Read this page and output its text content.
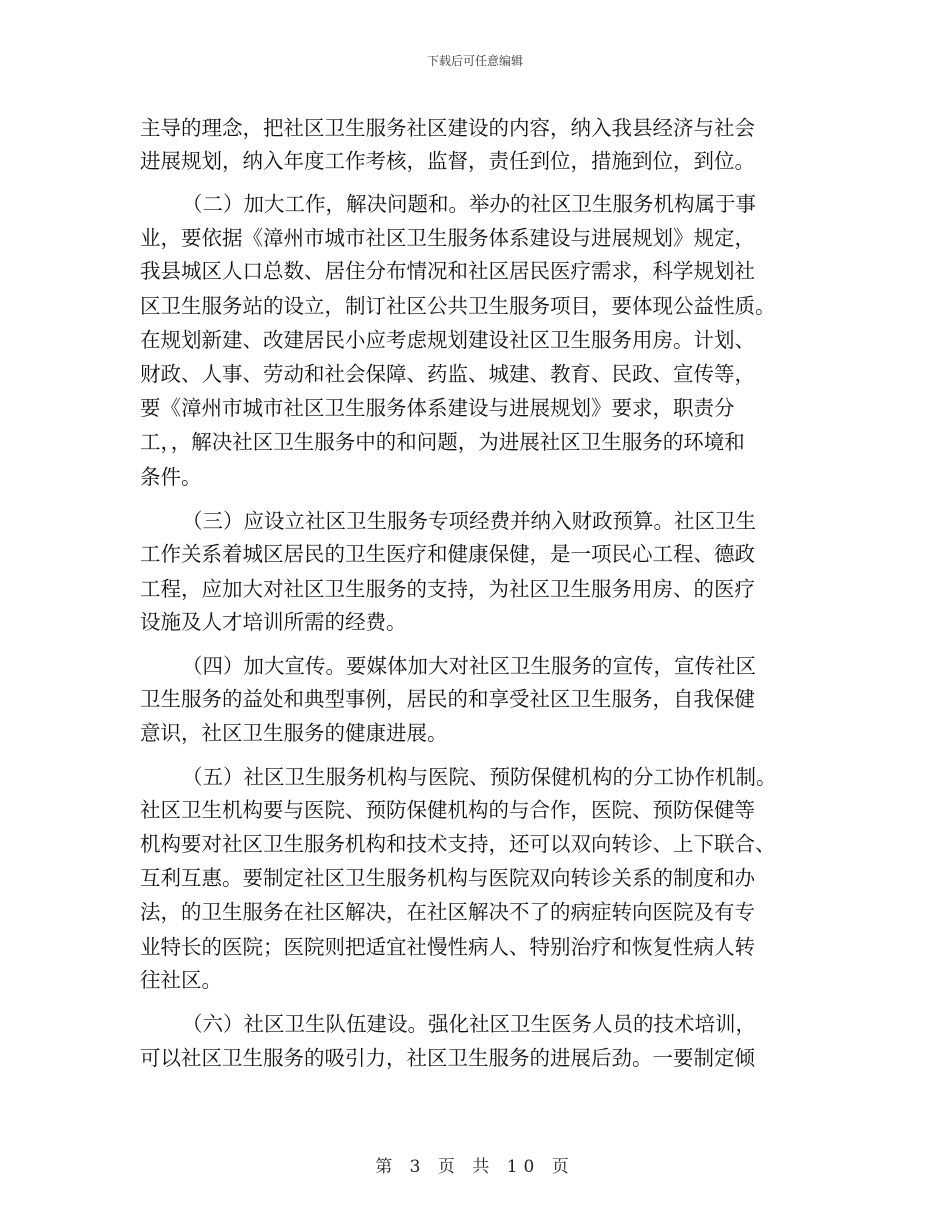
下载后可任意编辑
主导的理念，把社区卫生服务社区建设的内容，纳入我县经济与社会
进展规划，纳入年度工作考核，监督，责任到位，措施到位，到位。
（二）加大工作，解决问题和。举办的社区卫生服务机构属于事
业，要依据《漳州市城市社区卫生服务体系建设与进展规划》规定，
我县城区人口总数、居住分布情况和社区居民医疗需求，科学规划社
区卫生服务站的设立，制订社区公共卫生服务项目，要体现公益性质。
在规划新建、改建居民小应考虑规划建设社区卫生服务用房。计划、
财政、人事、劳动和社会保障、药监、城建、教育、民政、宣传等，
要《漳州市城市社区卫生服务体系建设与进展规划》要求，职责分
工，，解决社区卫生服务中的和问题，为进展社区卫生服务的环境和
条件。
（三）应设立社区卫生服务专项经费并纳入财政预算。社区卫生
工作关系着城区居民的卫生医疗和健康保健，是一项民心工程、德政
工程，应加大对社区卫生服务的支持，为社区卫生服务用房、的医疗
设施及人才培训所需的经费。
（四）加大宣传。要媒体加大对社区卫生服务的宣传，宣传社区
卫生服务的益处和典型事例，居民的和享受社区卫生服务，自我保健
意识，社区卫生服务的健康进展。
（五）社区卫生服务机构与医院、预防保健机构的分工协作机制。
社区卫生机构要与医院、预防保健机构的与合作，医院、预防保健等
机构要对社区卫生服务机构和技术支持，还可以双向转诊、上下联合、
互利互惠。要制定社区卫生服务机构与医院双向转诊关系的制度和办
法，的卫生服务在社区解决，在社区解决不了的病症转向医院及有专
业特长的医院；医院则把适宜社慢性病人、特别治疗和恢复性病人转
往社区。
（六）社区卫生队伍建设。强化社区卫生医务人员的技术培训，
可以社区卫生服务的吸引力，社区卫生服务的进展后劲。一要制定倾
第 3 页 共 10 页
